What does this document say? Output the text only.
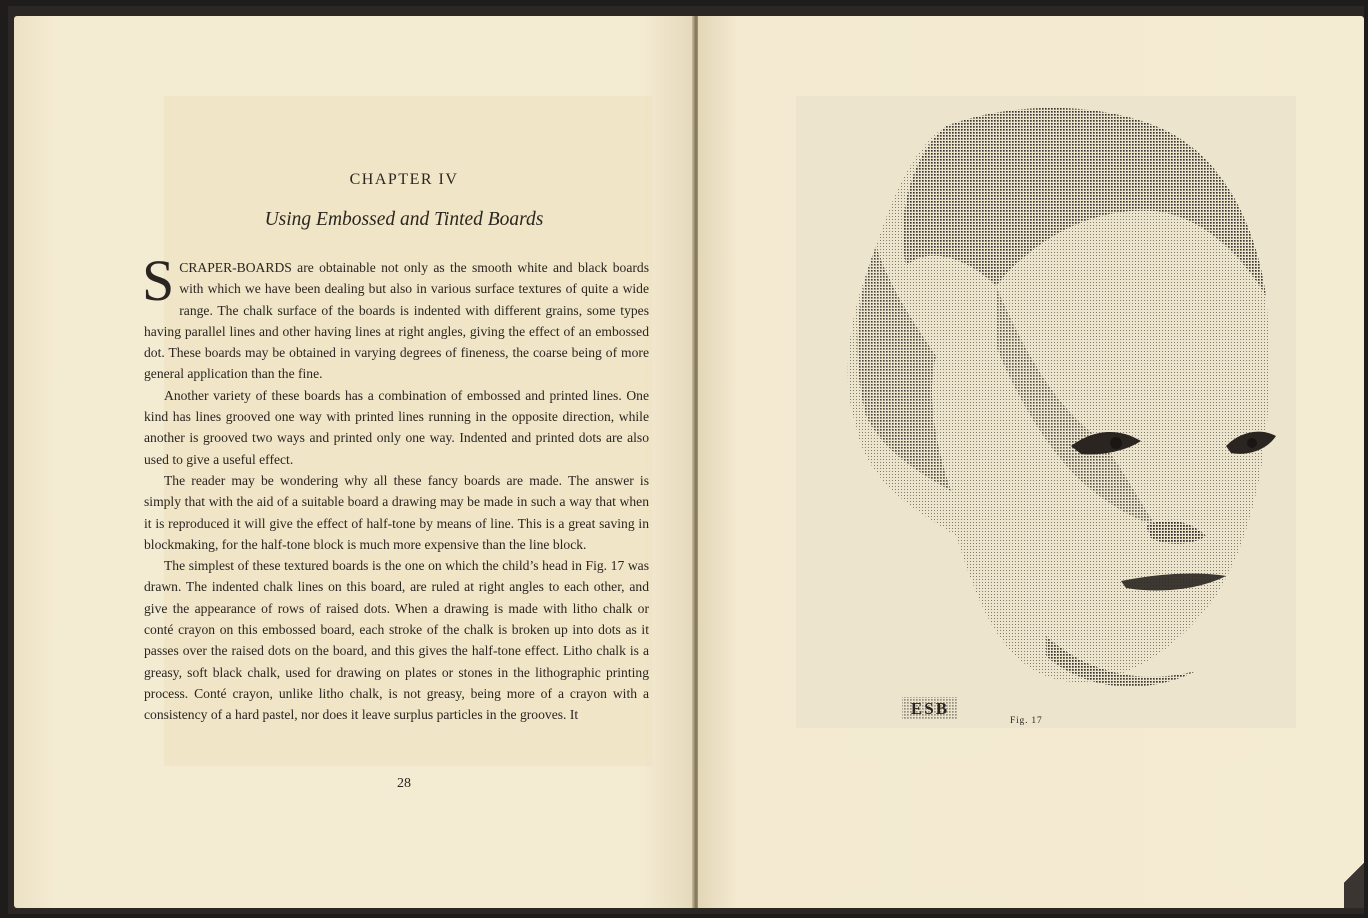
CHAPTER IV
Using Embossed and Tinted Boards

SCRAPER-BOARDS are obtainable not only as the smooth white and black boards with which we have been dealing but also in various surface textures of quite a wide range. The chalk surface of the boards is indented with different grains, some types having parallel lines and other having lines at right angles, giving the effect of an embossed dot. These boards may be obtained in varying degrees of fineness, the coarse being of more general application than the fine.

Another variety of these boards has a combination of embossed and printed lines. One kind has lines grooved one way with printed lines running in the opposite direction, while another is grooved two ways and printed only one way. Indented and printed dots are also used to give a useful effect.

The reader may be wondering why all these fancy boards are made. The answer is simply that with the aid of a suitable board a drawing may be made in such a way that when it is reproduced it will give the effect of half-tone by means of line. This is a great saving in blockmaking, for the half-tone block is much more expensive than the line block.

The simplest of these textured boards is the one on which the child’s head in Fig. 17 was drawn. The indented chalk lines on this board, are ruled at right angles to each other, and give the appearance of rows of raised dots. When a drawing is made with litho chalk or conté crayon on this embossed board, each stroke of the chalk is broken up into dots as it passes over the raised dots on the board, and this gives the half-tone effect. Litho chalk is a greasy, soft black chalk, used for drawing on plates or stones in the lithographic printing process. Conté crayon, unlike litho chalk, is not greasy, being more of a crayon with a consistency of a hard pastel, nor does it leave surplus particles in the grooves. It

28
ESB
Fig. 17
